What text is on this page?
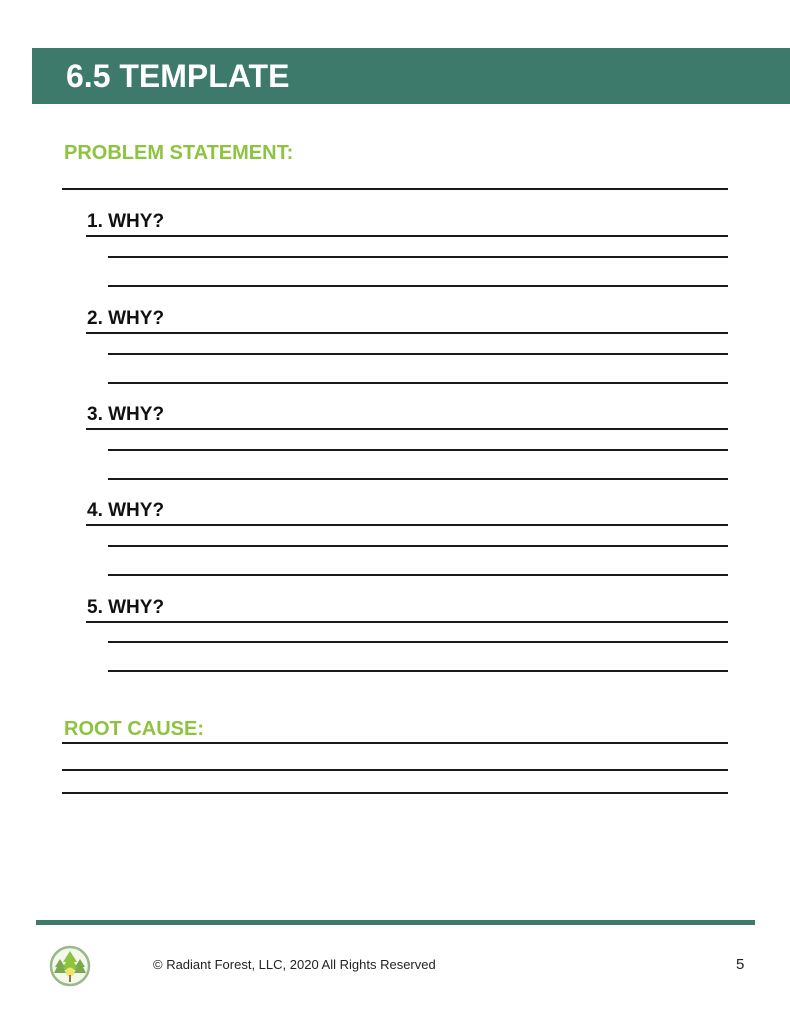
6.5 TEMPLATE
PROBLEM STATEMENT:
1. WHY?
2. WHY?
3. WHY?
4. WHY?
5. WHY?
ROOT CAUSE:
© Radiant Forest, LLC, 2020 All Rights Reserved	5
